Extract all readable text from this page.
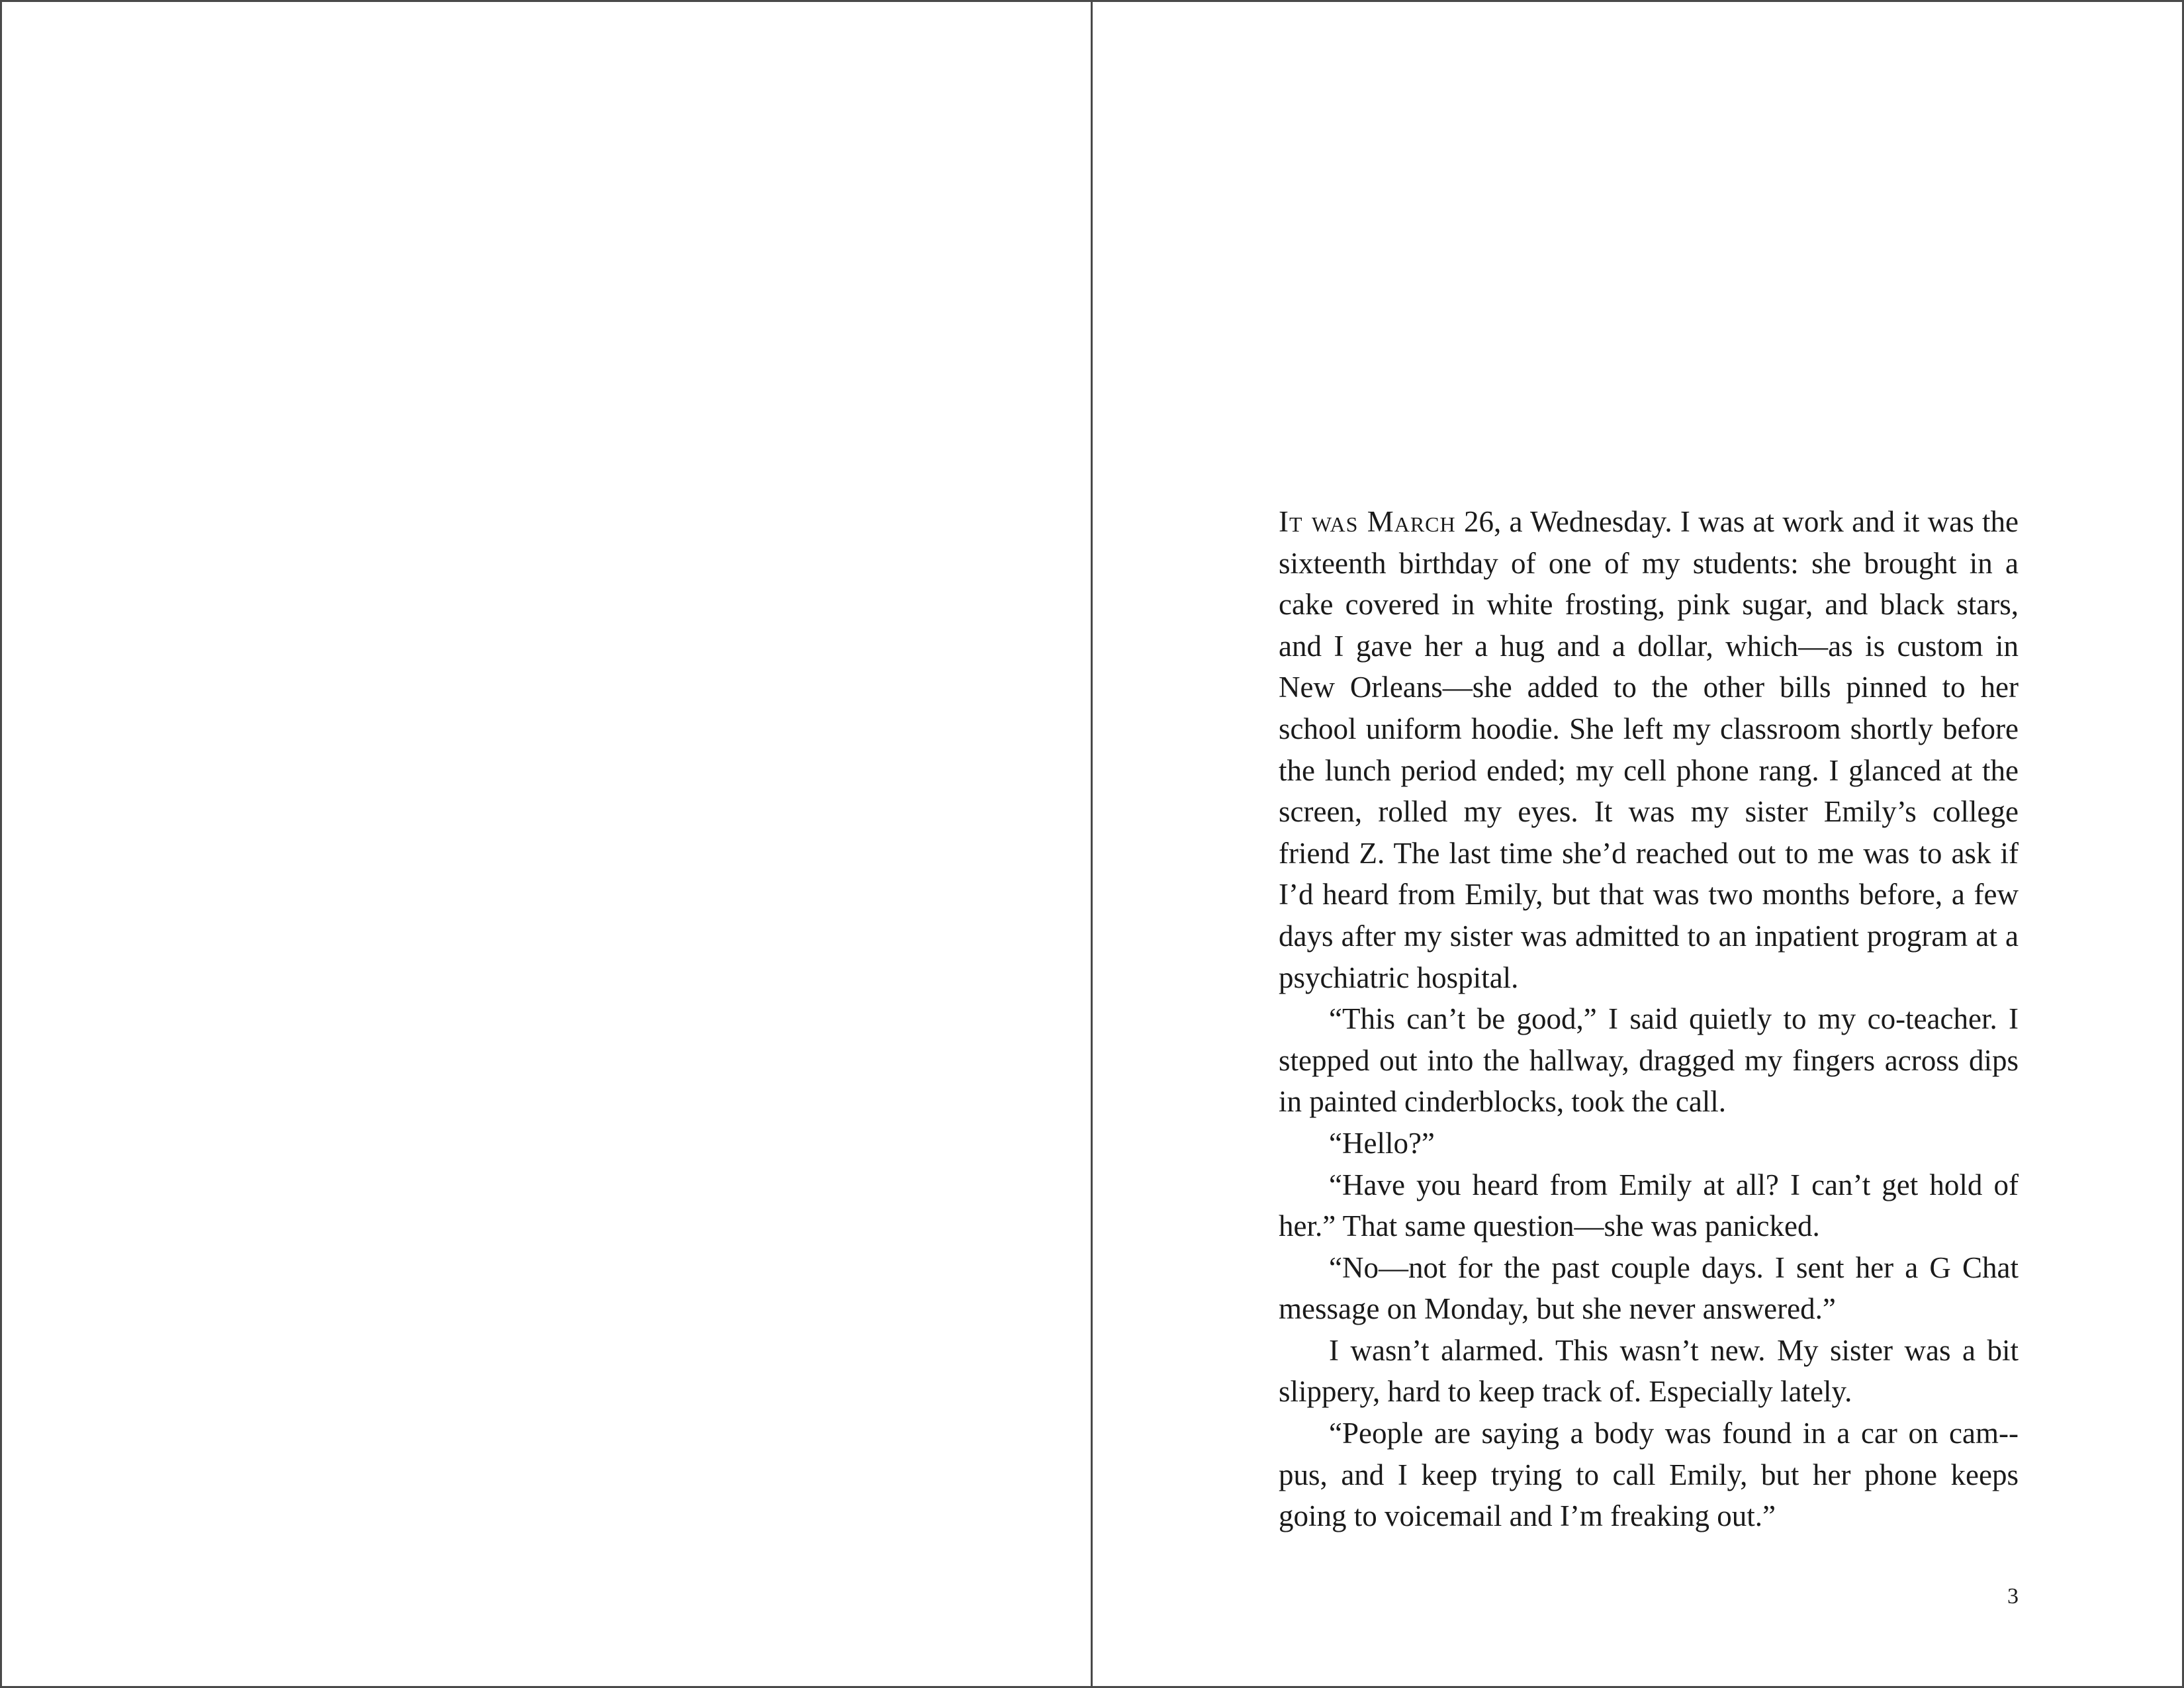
It was March 26, a Wednesday. I was at work and it was the sixteenth birthday of one of my students: she brought in a cake covered in white frosting, pink sugar, and black stars, and I gave her a hug and a dollar, which—as is custom in New Orleans—she added to the other bills pinned to her school uniform hoodie. She left my classroom shortly before the lunch period ended; my cell phone rang. I glanced at the screen, rolled my eyes. It was my sister Emily’s college friend Z. The last time she’d reached out to me was to ask if I’d heard from Emily, but that was two months before, a few days after my sister was admitted to an inpatient program at a psychiatric hospital.

“This can’t be good,” I said quietly to my co-teacher. I stepped out into the hallway, dragged my fingers across dips in painted cinderblocks, took the call.

“Hello?”

“Have you heard from Emily at all? I can’t get hold of her.” That same question—she was panicked.

“No—not for the past couple days. I sent her a G Chat message on Monday, but she never answered.”

I wasn’t alarmed. This wasn’t new. My sister was a bit slippery, hard to keep track of. Especially lately.

“People are saying a body was found in a car on cam-pus, and I keep trying to call Emily, but her phone keeps going to voicemail and I’m freaking out.”

3
